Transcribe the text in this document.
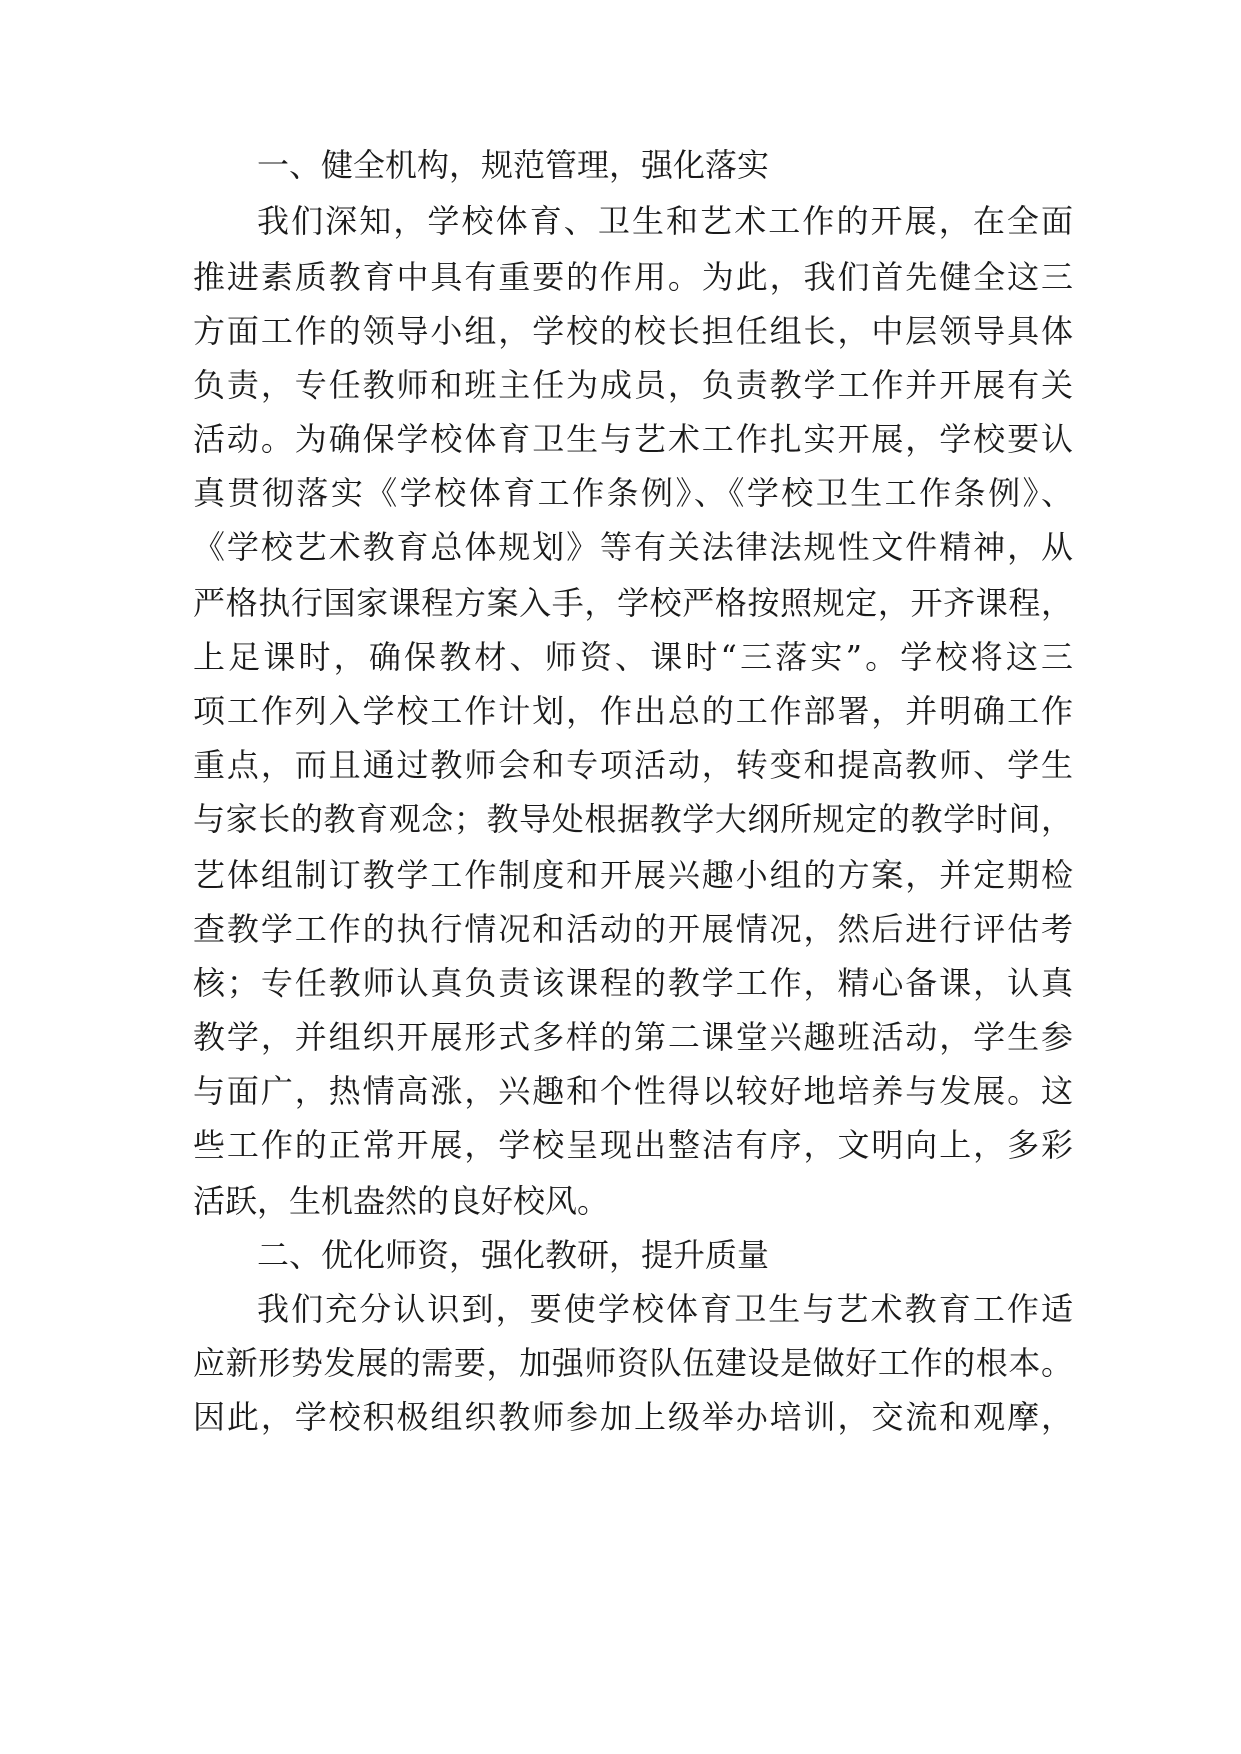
一、健全机构，规范管理，强化落实
我们深知，学校体育、卫生和艺术工作的开展，在全面
推进素质教育中具有重要的作用。为此，我们首先健全这三
方面工作的领导小组，学校的校长担任组长，中层领导具体
负责，专任教师和班主任为成员，负责教学工作并开展有关
活动。为确保学校体育卫生与艺术工作扎实开展，学校要认
真贯彻落实《学校体育工作条例》、《学校卫生工作条例》、
《学校艺术教育总体规划》等有关法律法规性文件精神，从
严格执行国家课程方案入手，学校严格按照规定，开齐课程，
上足课时，确保教材、师资、课时“三落实”。学校将这三
项工作列入学校工作计划，作出总的工作部署，并明确工作
重点，而且通过教师会和专项活动，转变和提高教师、学生
与家长的教育观念；教导处根据教学大纲所规定的教学时间，
艺体组制订教学工作制度和开展兴趣小组的方案，并定期检
查教学工作的执行情况和活动的开展情况，然后进行评估考
核；专任教师认真负责该课程的教学工作，精心备课，认真
教学，并组织开展形式多样的第二课堂兴趣班活动，学生参
与面广，热情高涨，兴趣和个性得以较好地培养与发展。这
些工作的正常开展，学校呈现出整洁有序，文明向上，多彩
活跃，生机盎然的良好校风。
二、优化师资，强化教研，提升质量
我们充分认识到，要使学校体育卫生与艺术教育工作适
应新形势发展的需要，加强师资队伍建设是做好工作的根本。
因此，学校积极组织教师参加上级举办培训，交流和观摩，
